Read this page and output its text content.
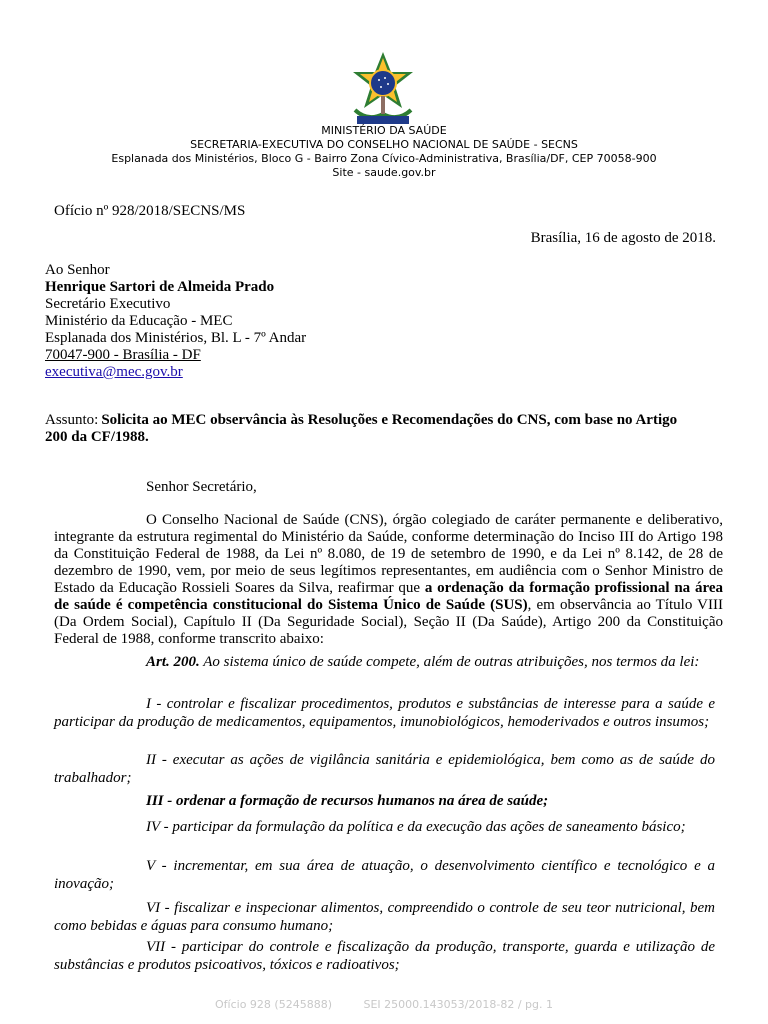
MINISTÉRIO DA SAÚDE
SECRETARIA-EXECUTIVA DO CONSELHO NACIONAL DE SAÚDE - SECNS
Esplanada dos Ministérios, Bloco G - Bairro Zona Cívico-Administrativa, Brasília/DF, CEP 70058-900
Site - saude.gov.br
Ofício nº 928/2018/SECNS/MS
Brasília, 16 de agosto de 2018.
Ao Senhor
Henrique Sartori de Almeida Prado
Secretário Executivo
Ministério da Educação - MEC
Esplanada dos Ministérios, Bl. L - 7º Andar
70047-900 - Brasília - DF
executiva@mec.gov.br
Assunto: Solicita ao MEC observância às Resoluções e Recomendações do CNS, com base no Artigo
200 da CF/1988.
Senhor Secretário,
O Conselho Nacional de Saúde (CNS), órgão colegiado de caráter permanente e deliberativo, integrante da estrutura regimental do Ministério da Saúde, conforme determinação do Inciso III do Artigo 198 da Constituição Federal de 1988, da Lei nº 8.080, de 19 de setembro de 1990, e da Lei nº 8.142, de 28 de dezembro de 1990, vem, por meio de seus legítimos representantes, em audiência com o Senhor Ministro de Estado da Educação Rossieli Soares da Silva, reafirmar que a ordenação da formação profissional na área de saúde é competência constitucional do Sistema Único de Saúde (SUS), em observância ao Título VIII (Da Ordem Social), Capítulo II (Da Seguridade Social), Seção II (Da Saúde), Artigo 200 da Constituição Federal de 1988, conforme transcrito abaixo:
Art. 200. Ao sistema único de saúde compete, além de outras atribuições, nos termos da lei:
I - controlar e fiscalizar procedimentos, produtos e substâncias de interesse para a saúde e participar da produção de medicamentos, equipamentos, imunobiológicos, hemoderivados e outros insumos;
II - executar as ações de vigilância sanitária e epidemiológica, bem como as de saúde do trabalhador;
III - ordenar a formação de recursos humanos na área de saúde;
IV - participar da formulação da política e da execução das ações de saneamento básico;
V - incrementar, em sua área de atuação, o desenvolvimento científico e tecnológico e a inovação;
VI - fiscalizar e inspecionar alimentos, compreendido o controle de seu teor nutricional, bem como bebidas e águas para consumo humano;
VII - participar do controle e fiscalização da produção, transporte, guarda e utilização de substâncias e produtos psicoativos, tóxicos e radioativos;
Ofício 928 (5245888)	SEI 25000.143053/2018-82 / pg. 1
